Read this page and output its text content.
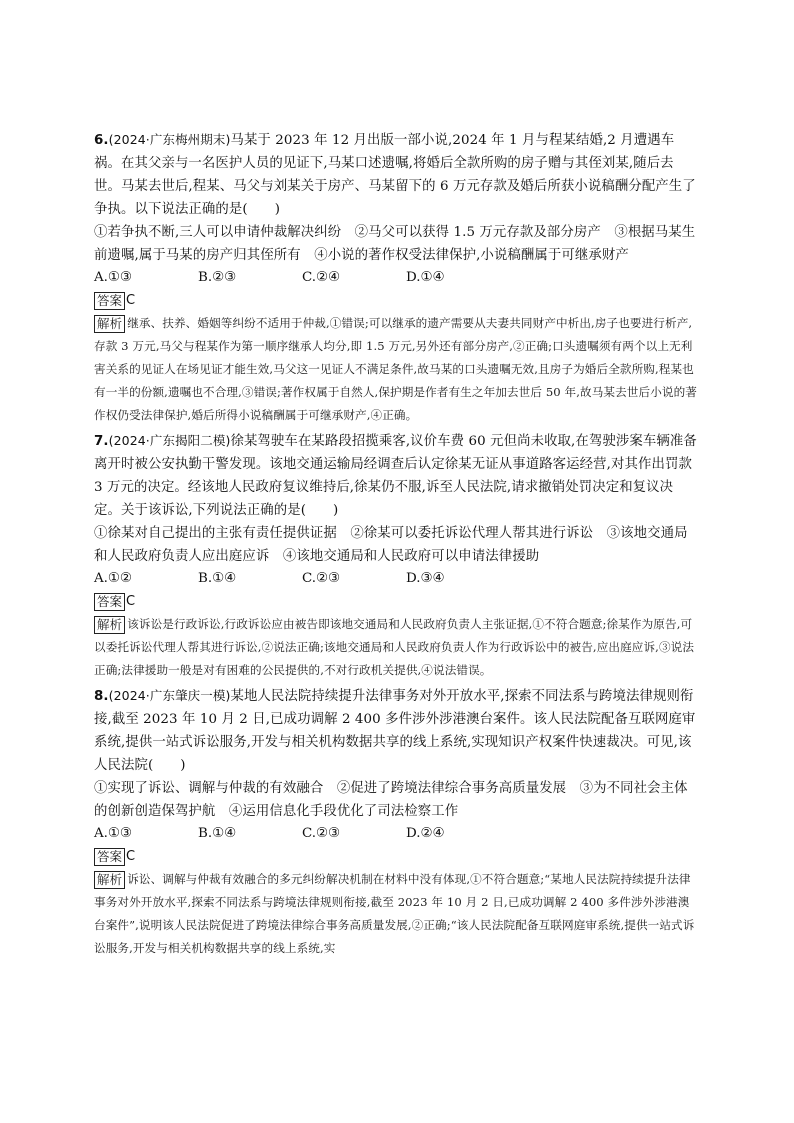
6.(2024·广东梅州期末)马某于 2023 年 12 月出版一部小说,2024 年 1 月与程某结婚,2 月遭遇车祸。在其父亲与一名医护人员的见证下,马某口述遗嘱,将婚后全款所购的房子赠与其侄刘某,随后去世。马某去世后,程某、马父与刘某关于房产、马某留下的 6 万元存款及婚后所获小说稿酬分配产生了争执。以下说法正确的是(　　)

①若争执不断,三人可以申请仲裁解决纠纷　②马父可以获得 1.5 万元存款及部分房产　③根据马某生前遗嘱,属于马某的房产归其侄所有　④小说的著作权受法律保护,小说稿酬属于可继承财产

A.①③	B.②③	C.②④	D.①④
答案 C

解析 继承、扶养、婚姻等纠纷不适用于仲裁,①错误;可以继承的遗产需要从夫妻共同财产中析出,房子也要进行析产,存款 3 万元,马父与程某作为第一顺序继承人均分,即 1.5 万元,另外还有部分房产,②正确;口头遗嘱须有两个以上无利害关系的见证人在场见证才能生效,马父这一见证人不满足条件,故马某的口头遗嘱无效,且房子为婚后全款所购,程某也有一半的份额,遗嘱也不合理,③错误;著作权属于自然人,保护期是作者有生之年加去世后 50 年,故马某去世后小说的著作权仍受法律保护,婚后所得小说稿酬属于可继承财产,④正确。

7.(2024·广东揭阳二模)徐某驾驶车在某路段招揽乘客,议价车费 60 元但尚未收取,在驾驶涉案车辆准备离开时被公安执勤干警发现。该地交通运输局经调查后认定徐某无证从事道路客运经营,对其作出罚款 3 万元的决定。经该地人民政府复议维持后,徐某仍不服,诉至人民法院,请求撤销处罚决定和复议决定。关于该诉讼,下列说法正确的是(　　)

①徐某对自己提出的主张有责任提供证据　②徐某可以委托诉讼代理人帮其进行诉讼　③该地交通局和人民政府负责人应出庭应诉　④该地交通局和人民政府可以申请法律援助

A.①②	B.①④	C.②③	D.③④
答案 C

解析 该诉讼是行政诉讼,行政诉讼应由被告即该地交通局和人民政府负责人主张证据,①不符合题意;徐某作为原告,可以委托诉讼代理人帮其进行诉讼,②说法正确;该地交通局和人民政府负责人作为行政诉讼中的被告,应出庭应诉,③说法正确;法律援助一般是对有困难的公民提供的,不对行政机关提供,④说法错误。

8.(2024·广东肇庆一模)某地人民法院持续提升法律事务对外开放水平,探索不同法系与跨境法律规则衔接,截至 2023 年 10 月 2 日,已成功调解 2 400 多件涉外涉港澳台案件。该人民法院配备互联网庭审系统,提供一站式诉讼服务,开发与相关机构数据共享的线上系统,实现知识产权案件快速裁决。可见,该人民法院(　　)

①实现了诉讼、调解与仲裁的有效融合　②促进了跨境法律综合事务高质量发展　③为不同社会主体的创新创造保驾护航　④运用信息化手段优化了司法检察工作

A.①③	B.①④	C.②③	D.②④
答案 C

解析 诉讼、调解与仲裁有效融合的多元纠纷解决机制在材料中没有体现,①不符合题意;“某地人民法院持续提升法律事务对外开放水平,探索不同法系与跨境法律规则衔接,截至 2023 年 10 月 2 日,已成功调解 2 400 多件涉外涉港澳台案件”,说明该人民法院促进了跨境法律综合事务高质量发展,②正确;“该人民法院配备互联网庭审系统,提供一站式诉讼服务,开发与相关机构数据共享的线上系统,实
